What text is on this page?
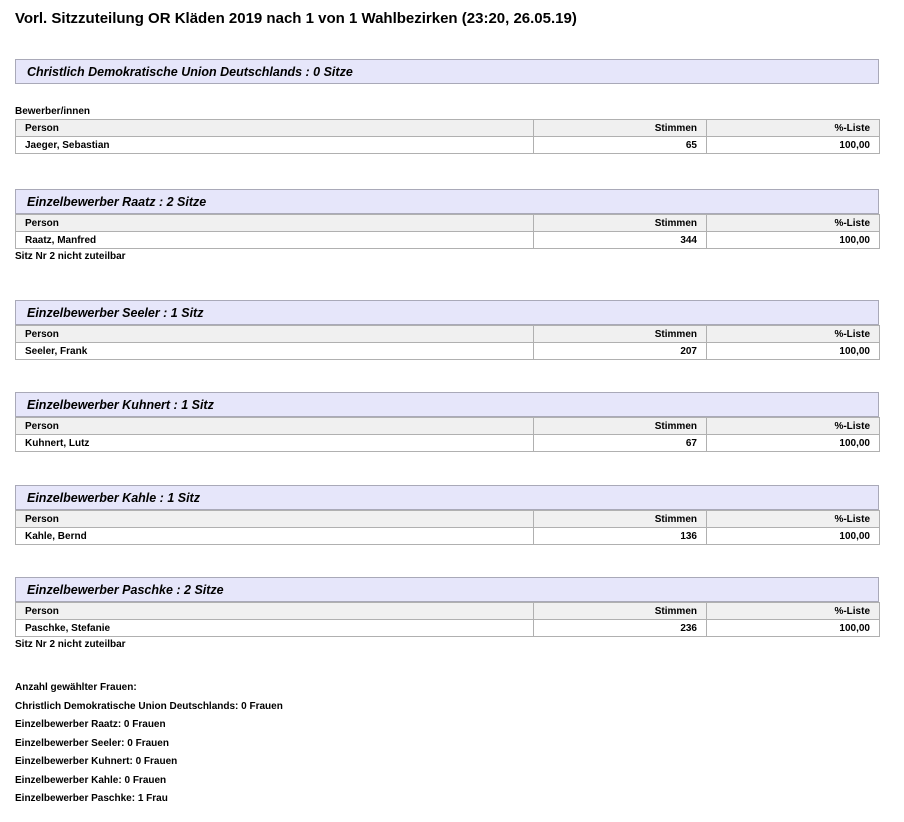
Vorl. Sitzzuteilung OR Kläden 2019 nach 1 von 1 Wahlbezirken (23:20, 26.05.19)
Christlich Demokratische Union Deutschlands : 0 Sitze
Bewerber/innen
Person	Stimmen	%-Liste
Jaeger, Sebastian	65	100,00
Einzelbewerber Raatz : 2 Sitze
Person	Stimmen	%-Liste
Raatz, Manfred	344	100,00
Sitz Nr 2 nicht zuteilbar
Einzelbewerber Seeler : 1 Sitz
Person	Stimmen	%-Liste
Seeler, Frank	207	100,00
Einzelbewerber Kuhnert : 1 Sitz
Person	Stimmen	%-Liste
Kuhnert, Lutz	67	100,00
Einzelbewerber Kahle : 1 Sitz
Person	Stimmen	%-Liste
Kahle, Bernd	136	100,00
Einzelbewerber Paschke : 2 Sitze
Person	Stimmen	%-Liste
Paschke, Stefanie	236	100,00
Sitz Nr 2 nicht zuteilbar
Anzahl gewählter Frauen:
Christlich Demokratische Union Deutschlands: 0 Frauen
Einzelbewerber Raatz: 0 Frauen
Einzelbewerber Seeler: 0 Frauen
Einzelbewerber Kuhnert: 0 Frauen
Einzelbewerber Kahle: 0 Frauen
Einzelbewerber Paschke: 1 Frau
